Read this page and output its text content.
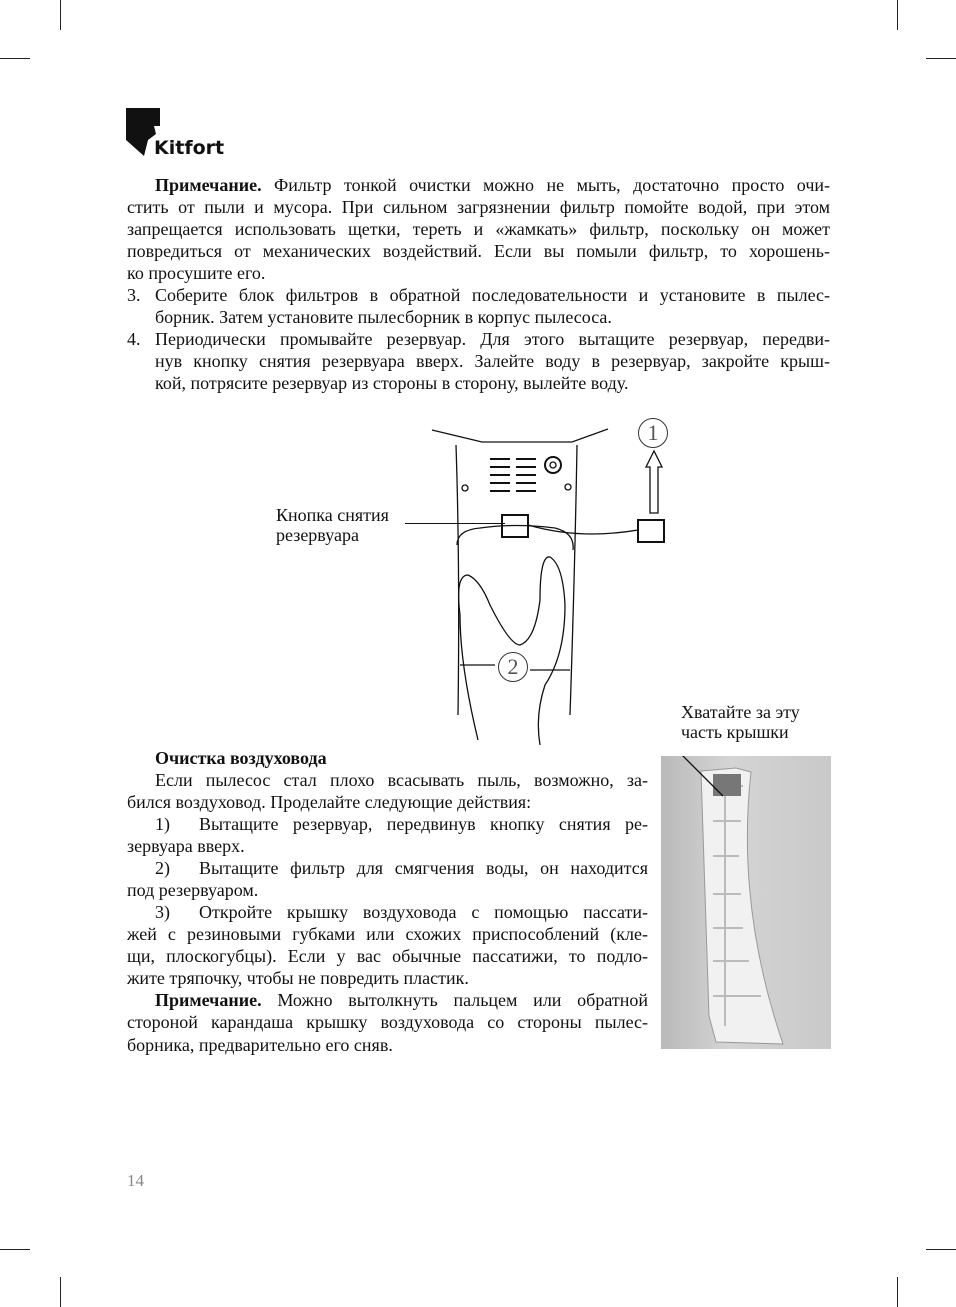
Kitfort
Примечание. Фильтр тонкой очистки можно не мыть, достаточно просто очи-
стить от пыли и мусора. При сильном загрязнении фильтр помойте водой, при этом
запрещается использовать щетки, тереть и «жамкать» фильтр, поскольку он может
повредиться от механических воздействий. Если вы помыли фильтр, то хорошень-
ко просушите его.
3. Соберите блок фильтров в обратной последовательности и установите в пылес-
борник. Затем установите пылесборник в корпус пылесоса.
4. Периодически промывайте резервуар. Для этого вытащите резервуар, передви-
нув кнопку снятия резервуара вверх. Залейте воду в резервуар, закройте крыш-
кой, потрясите резервуар из стороны в сторону, вылейте воду.
1
2
Кнопка снятия
резервуара
Хватайте за эту
часть крышки
Очистка воздуховода
Если пылесос стал плохо всасывать пыль, возможно, за-
бился воздуховод. Проделайте следующие действия:
1) Вытащите резервуар, передвинув кнопку снятия ре-
зервуара вверх.
2) Вытащите фильтр для смягчения воды, он находится
под резервуаром.
3) Откройте крышку воздуховода с помощью пассати-
жей с резиновыми губками или схожих приспособлений (кле-
щи, плоскогубцы). Если у вас обычные пассатижи, то подло-
жите тряпочку, чтобы не повредить пластик.
Примечание. Можно вытолкнуть пальцем или обратной
стороной карандаша крышку воздуховода со стороны пылес-
борника, предварительно его сняв.
14
